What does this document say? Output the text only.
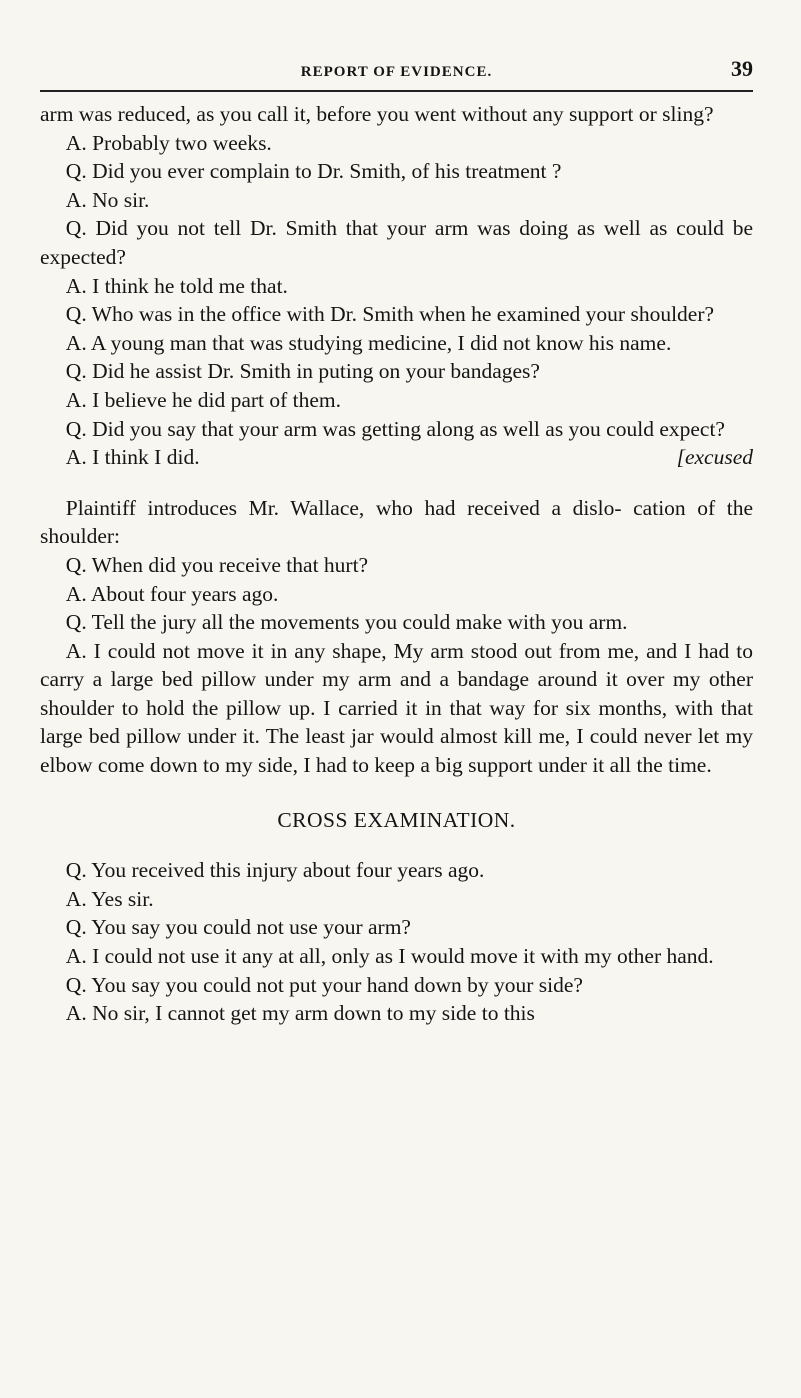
REPORT OF EVIDENCE.	39

arm was reduced, as you call it, before you went without any support or sling?

A. Probably two weeks.

Q. Did you ever complain to Dr. Smith, of his treatment ?

A. No sir.

Q. Did you not tell Dr. Smith that your arm was doing as well as could be expected?

A. I think he told me that.

Q. Who was in the office with Dr. Smith when he examined your shoulder?

A. A young man that was studying medicine, I did not know his name.

Q. Did he assist Dr. Smith in puting on your bandages?

A. I believe he did part of them.

Q. Did you say that your arm was getting along as well as you could expect?

A. I think I did.	[excused

Plaintiff introduces Mr. Wallace, who had received a dislo- cation of the shoulder:

Q. When did you receive that hurt?

A. About four years ago.

Q. Tell the jury all the movements you could make with you arm.

A. I could not move it in any shape, My arm stood out from me, and I had to carry a large bed pillow under my arm and a bandage around it over my other shoulder to hold the pillow up. I carried it in that way for six months, with that large bed pillow under it. The least jar would almost kill me, I could never let my elbow come down to my side, I had to keep a big support under it all the time.

CROSS EXAMINATION.

Q. You received this injury about four years ago.

A. Yes sir.

Q. You say you could not use your arm?

A. I could not use it any at all, only as I would move it with my other hand.

Q. You say you could not put your hand down by your side?

A. No sir, I cannot get my arm down to my side to this
